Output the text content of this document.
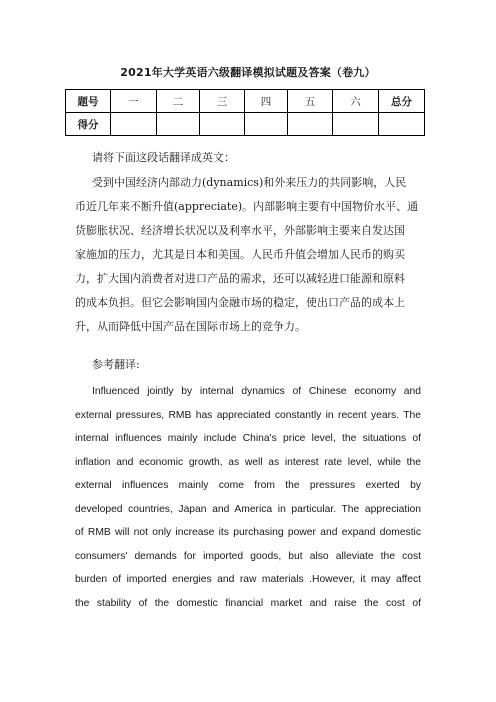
2021年大学英语六级翻译模拟试题及答案（卷九）
题号	一	二	三	四	五	六	总分
得分							
请将下面这段话翻译成英文：
受到中国经济内部动力(dynamics)和外来压力的共同影响，人民
币近几年来不断升值(appreciate)。内部影响主要有中国物价水平、通
货膨胀状况、经济增长状况以及利率水平，外部影响主要来自发达国
家施加的压力，尤其是日本和美国。人民币升值会增加人民币的购买
力，扩大国内消费者对进口产品的需求，还可以减轻进口能源和原料
的成本负担。但它会影响国内金融市场的稳定，使出口产品的成本上
升，从而降低中国产品在国际市场上的竞争力。
参考翻译:
Influenced jointly by internal dynamics of Chinese economy and
external pressures, RMB has appreciated constantly in recent years. The
internal influences mainly include China's price level, the situations of
inflation and economic growth, as well as interest rate level, while the
external influences mainly come from the pressures exerted by
developed countries, Japan and America in particular. The appreciation
of RMB will not only increase its purchasing power and expand domestic
consumers' demands for imported goods, but also alleviate the cost
burden of imported energies and raw materials .However, it may affect
the stability of the domestic financial market and raise the cost of
